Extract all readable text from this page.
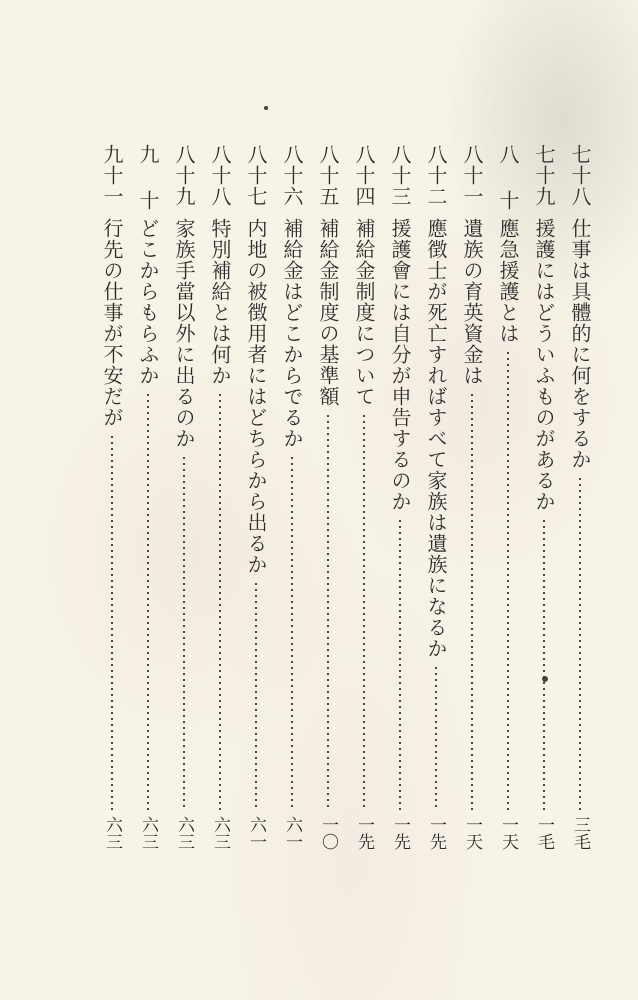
七十八
仕事は具體的に何をするか
三毛
七十九
援護にはどういふものがあるか
一毛
八 十
應急援護とは
一天
八十一
遺族の育英資金は
一天
八十二
應徴士が死亡すればすべて家族は遺族になるか
一先
八十三
援護會には自分が申告するのか
一先
八十四
補給金制度について
一先
八十五
補給金制度の基準額
一〇
八十六
補給金はどこからでるか
六一
八十七
内地の被徴用者にはどちらから出るか
六一
八十八
特別補給とは何か
六三
八十九
家族手當以外に出るのか
六三
九 十
どこからもらふか
六三
九十一
行先の仕事が不安だが
六三
